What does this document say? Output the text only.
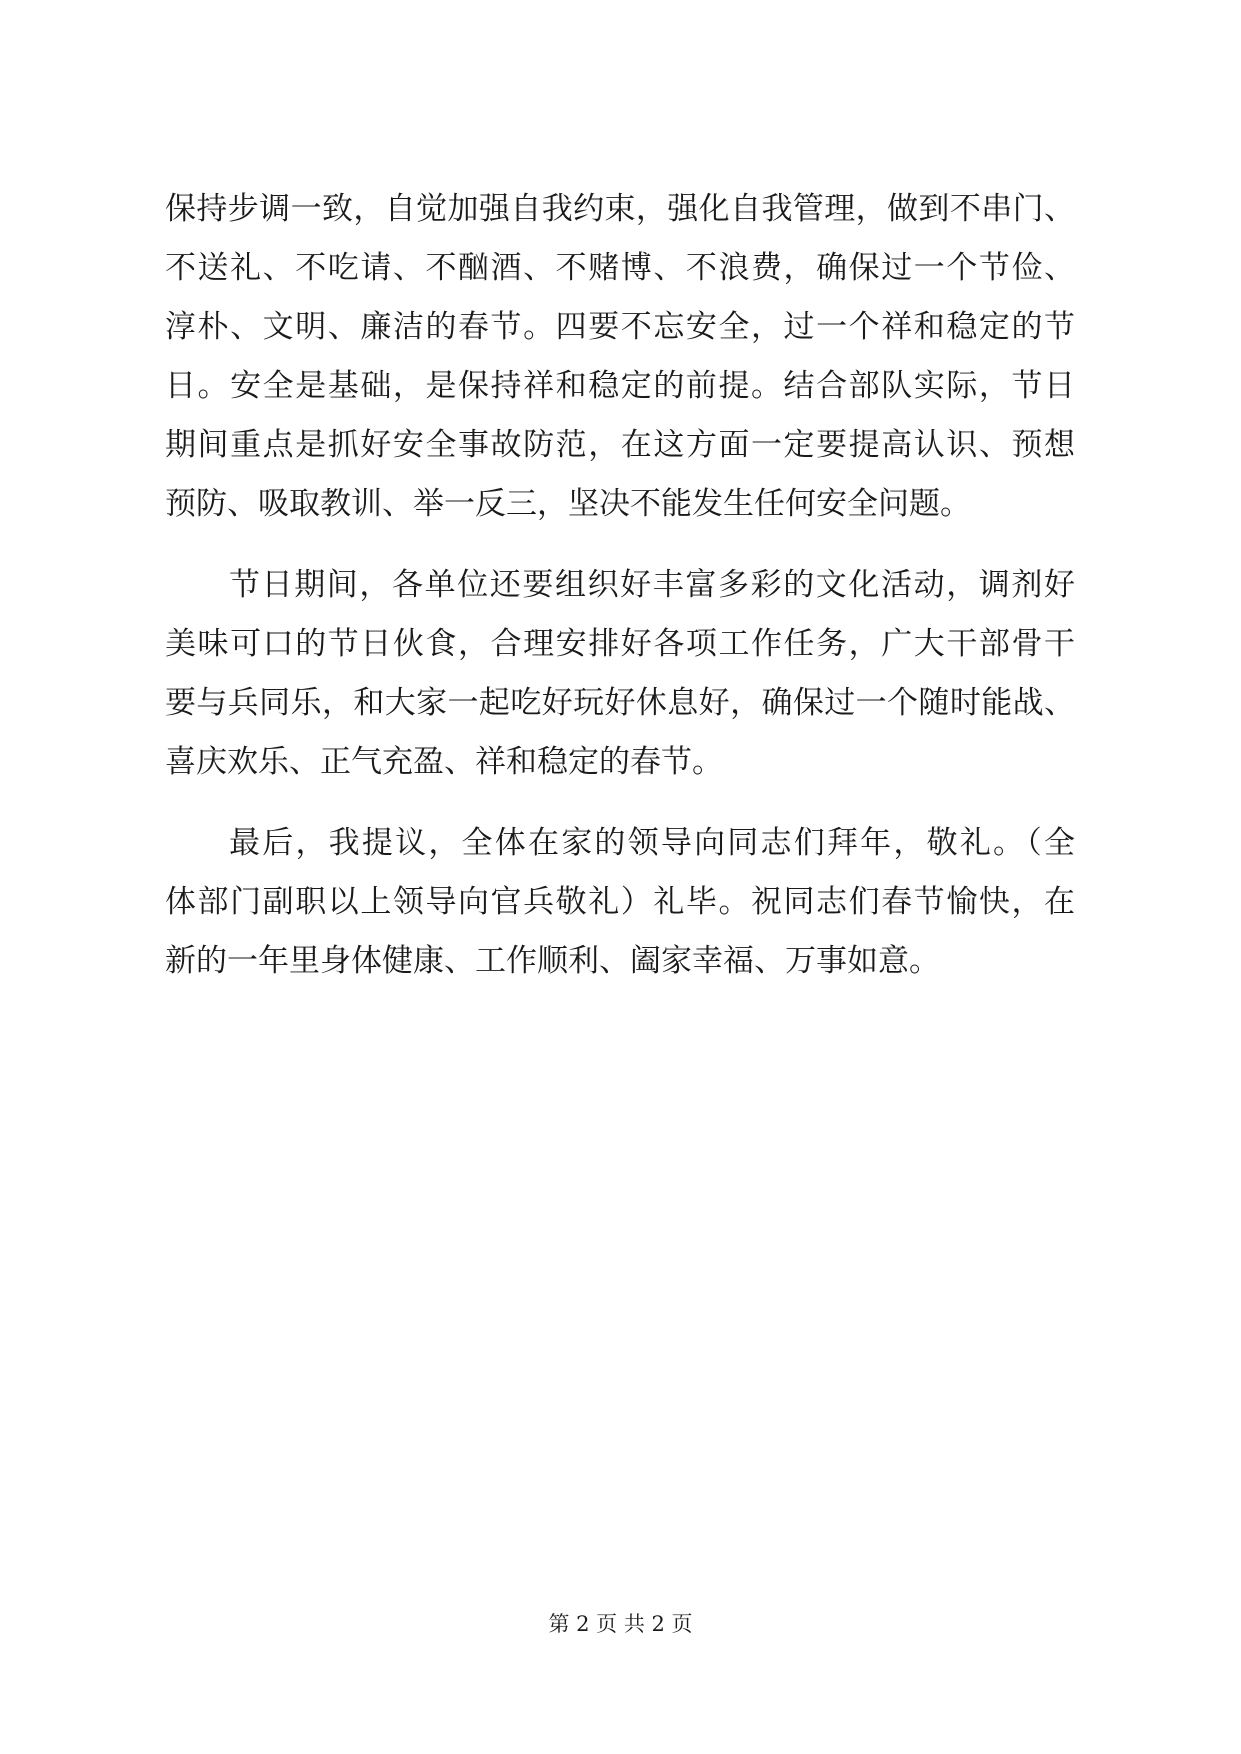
保持步调一致，自觉加强自我约束，强化自我管理，做到不串门、
不送礼、不吃请、不酗酒、不赌博、不浪费，确保过一个节俭、
淳朴、文明、廉洁的春节。四要不忘安全，过一个祥和稳定的节
日。安全是基础，是保持祥和稳定的前提。结合部队实际，节日
期间重点是抓好安全事故防范，在这方面一定要提高认识、预想
预防、吸取教训、举一反三，坚决不能发生任何安全问题。
节日期间，各单位还要组织好丰富多彩的文化活动，调剂好
美味可口的节日伙食，合理安排好各项工作任务，广大干部骨干
要与兵同乐，和大家一起吃好玩好休息好，确保过一个随时能战、
喜庆欢乐、正气充盈、祥和稳定的春节。
最后，我提议，全体在家的领导向同志们拜年，敬礼。（全
体部门副职以上领导向官兵敬礼）礼毕。祝同志们春节愉快，在
新的一年里身体健康、工作顺利、阖家幸福、万事如意。
第 2 页 共 2 页
